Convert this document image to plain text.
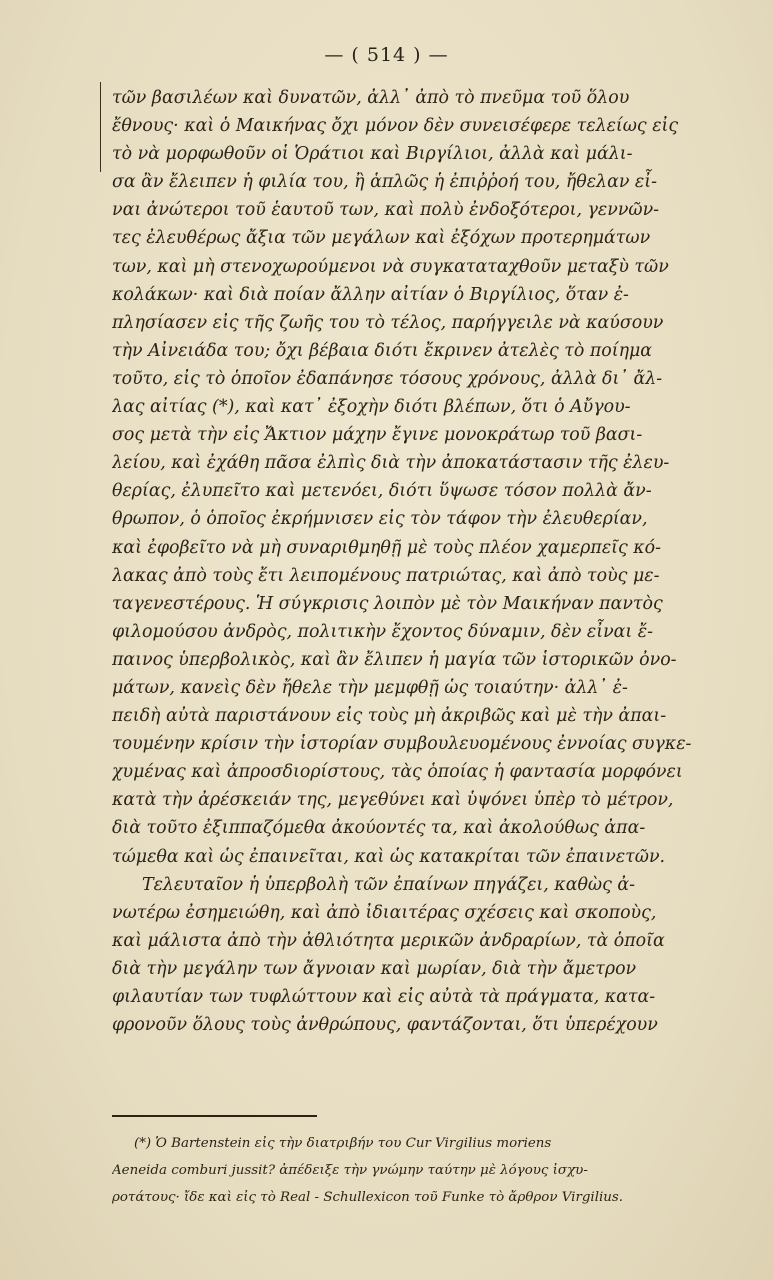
— ( 514 ) —
τῶν βασιλέων καὶ δυνατῶν, ἀλλ᾽ ἀπὸ τὸ πνεῦμα τοῦ ὅλου
ἔθνους· καὶ ὁ Μαικήνας ὄχι μόνον δὲν συνεισέφερε τελείως εἰς
τὸ νὰ μορφωθοῦν οἱ Ὁράτιοι καὶ Βιργίλιοι, ἀλλὰ καὶ μάλι-
σα ἂν ἔλειπεν ἡ φιλία του, ἢ ἁπλῶς ἡ ἐπιῤῥοή του, ἤθελαν εἶ-
ναι ἀνώτεροι τοῦ ἑαυτοῦ των, καὶ πολὺ ἐνδοξότεροι, γεννῶν-
τες ἐλευθέρως ἄξια τῶν μεγάλων καὶ ἐξόχων προτερημάτων
των, καὶ μὴ στενοχωρούμενοι νὰ συγκαταταχθοῦν μεταξὺ τῶν
κολάκων· καὶ διὰ ποίαν ἄλλην αἰτίαν ὁ Βιργίλιος, ὅταν ἐ-
πλησίασεν εἰς τῆς ζωῆς του τὸ τέλος, παρήγγειλε νὰ καύσουν
τὴν Αἰνειάδα του; ὄχι βέβαια διότι ἔκρινεν ἀτελὲς τὸ ποίημα
τοῦτο, εἰς τὸ ὁποῖον ἐδαπάνησε τόσους χρόνους, ἀλλὰ δι᾽ ἄλ-
λας αἰτίας (*), καὶ κατ᾽ ἐξοχὴν διότι βλέπων, ὅτι ὁ Αὔγου-
σος μετὰ τὴν εἰς Ἄκτιον μάχην ἔγινε μονοκράτωρ τοῦ βασι-
λείου, καὶ ἐχάθη πᾶσα ἐλπὶς διὰ τὴν ἀποκατάστασιν τῆς ἐλευ-
θερίας, ἐλυπεῖτο καὶ μετενόει, διότι ὕψωσε τόσον πολλὰ ἄν-
θρωπον, ὁ ὁποῖος ἐκρήμνισεν εἰς τὸν τάφον τὴν ἐλευθερίαν,
καὶ ἐφοβεῖτο νὰ μὴ συναριθμηθῇ μὲ τοὺς πλέον χαμερπεῖς κό-
λακας ἀπὸ τοὺς ἔτι λειπομένους πατριώτας, καὶ ἀπὸ τοὺς με-
ταγενεστέρους. Ἡ σύγκρισις λοιπὸν μὲ τὸν Μαικήναν παντὸς
φιλομούσου ἀνδρὸς, πολιτικὴν ἔχοντος δύναμιν, δὲν εἶναι ἔ-
παινος ὑπερβολικὸς, καὶ ἂν ἔλιπεν ἡ μαγία τῶν ἱστορικῶν ὀνο-
μάτων, κανεὶς δὲν ἤθελε τὴν μεμφθῇ ὡς τοιαύτην· ἀλλ᾽ ἐ-
πειδὴ αὐτὰ παριστάνουν εἰς τοὺς μὴ ἀκριβῶς καὶ μὲ τὴν ἀπαι-
τουμένην κρίσιν τὴν ἱστορίαν συμβουλευομένους ἐννοίας συγκε-
χυμένας καὶ ἀπροσδιορίστους, τὰς ὁποίας ἡ φαντασία μορφόνει
κατὰ τὴν ἀρέσκειάν της, μεγεθύνει καὶ ὑψόνει ὑπὲρ τὸ μέτρον,
διὰ τοῦτο ἐξιππαζόμεθα ἀκούοντές τα, καὶ ἀκολούθως ἀπα-
τώμεθα καὶ ὡς ἐπαινεῖται, καὶ ὡς κατακρίται τῶν ἐπαινετῶν.
Τελευταῖον ἡ ὑπερβολὴ τῶν ἐπαίνων πηγάζει, καθὼς ἀ-
νωτέρω ἐσημειώθη, καὶ ἀπὸ ἰδιαιτέρας σχέσεις καὶ σκοποὺς,
καὶ μάλιστα ἀπὸ τὴν ἀθλιότητα μερικῶν ἀνδραρίων, τὰ ὁποῖα
διὰ τὴν μεγάλην των ἄγνοιαν καὶ μωρίαν, διὰ τὴν ἄμετρον
φιλαυτίαν των τυφλώττουν καὶ εἰς αὐτὰ τὰ πράγματα, κατα-
φρονοῦν ὅλους τοὺς ἀνθρώπους, φαντάζονται, ὅτι ὑπερέχουν
(*) Ὁ Bartenstein εἰς τὴν διατριβήν του Cur Virgilius moriens
Aeneida comburi jussit? ἀπέδειξε τὴν γνώμην ταύτην μὲ λόγους ἰσχυ-
ροτάτους· ἴδε καὶ εἰς τὸ Real - Schullexicon τοῦ Funke τὸ ἄρθρον Virgilius.
